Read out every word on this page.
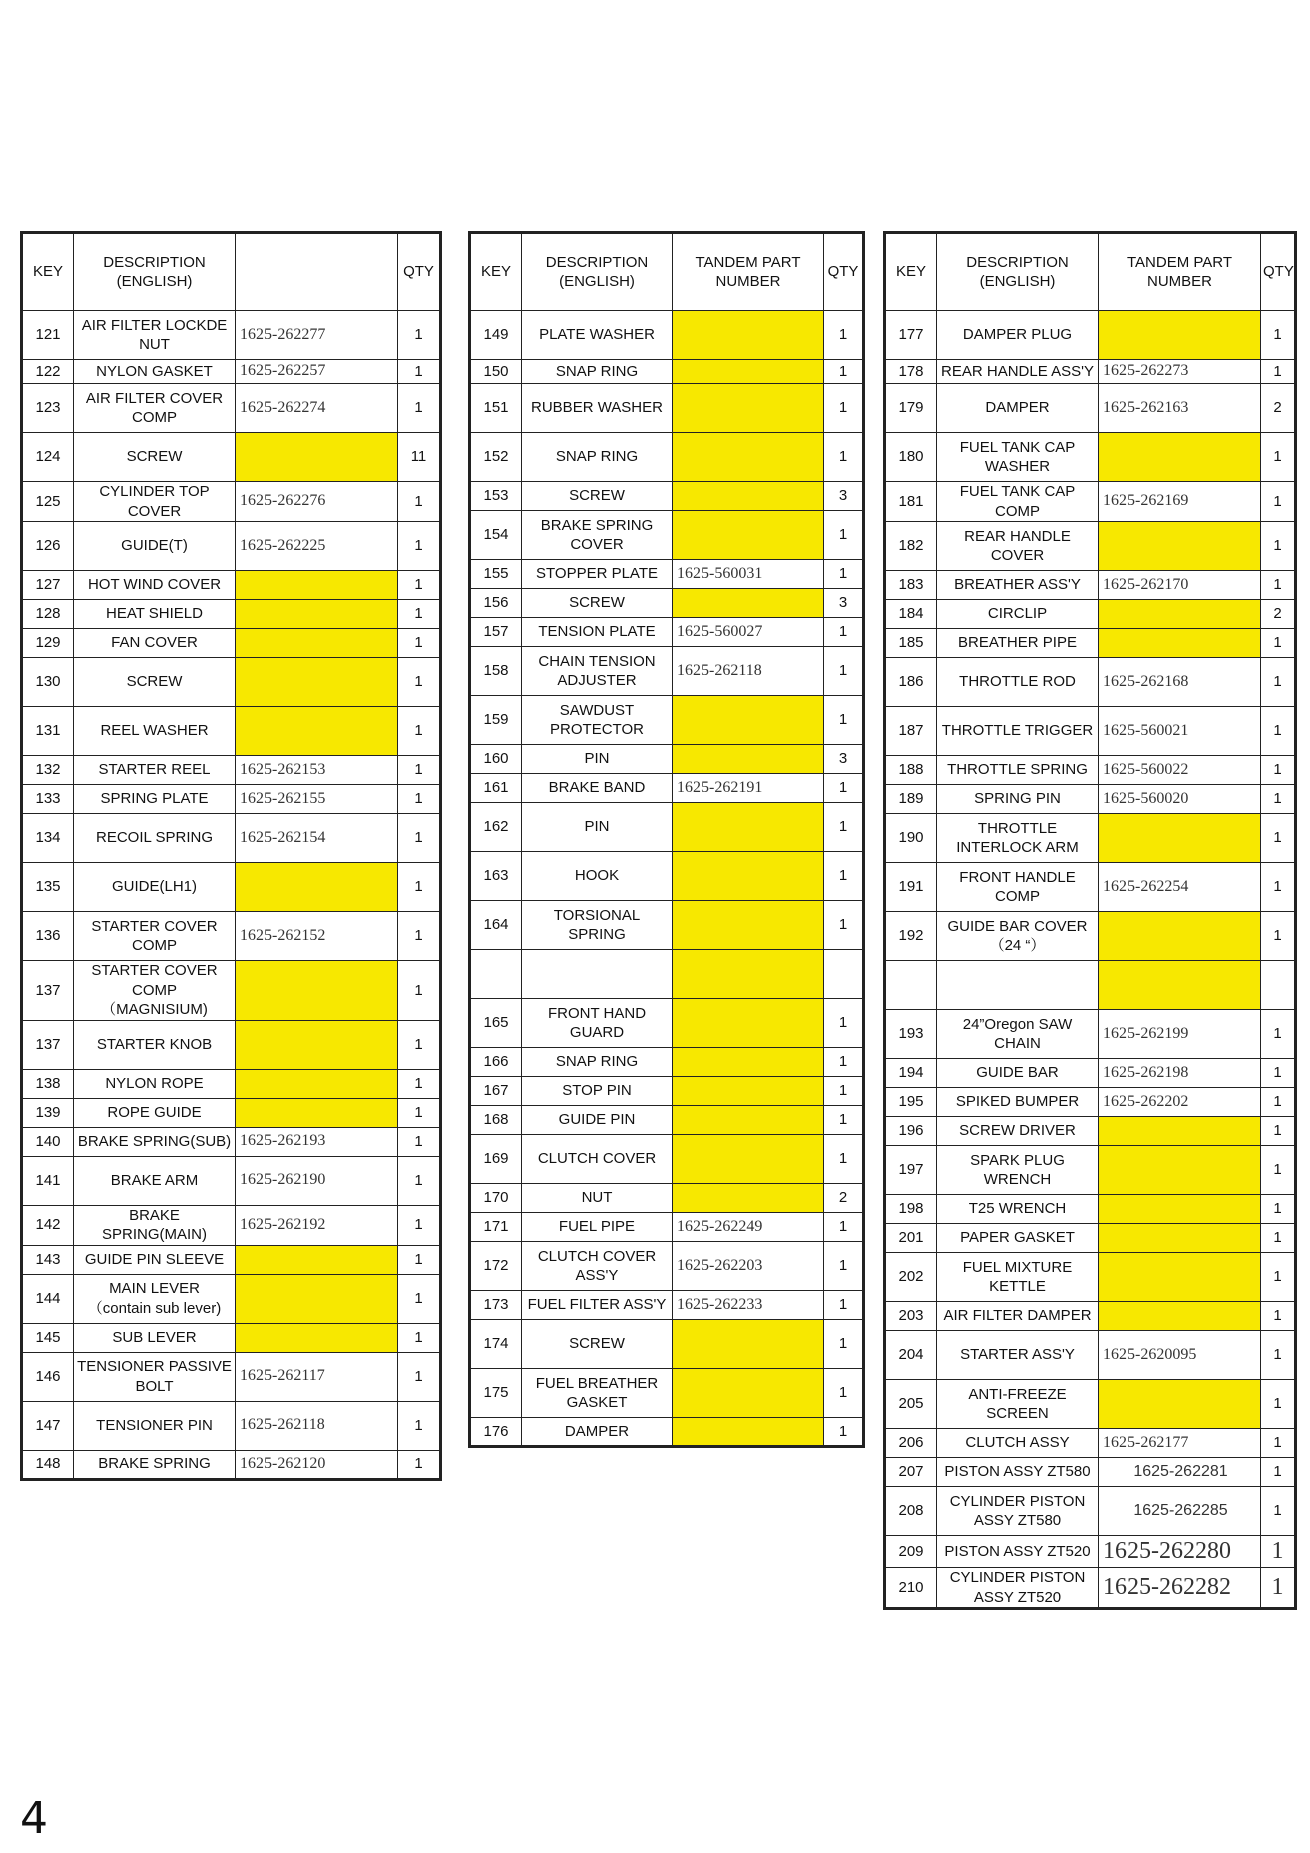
KEY	DESCRIPTION
(ENGLISH)		QTY
121	AIR FILTER LOCKDE
NUT	1625-262277	1
122	NYLON GASKET	1625-262257	1
123	AIR FILTER COVER
COMP	1625-262274	1
124	SCREW		11
125	CYLINDER TOP
COVER	1625-262276	1
126	GUIDE(T)	1625-262225	1
127	HOT WIND COVER		1
128	HEAT SHIELD		1
129	FAN COVER		1
130	SCREW		1
131	REEL WASHER		1
132	STARTER REEL	1625-262153	1
133	SPRING PLATE	1625-262155	1
134	RECOIL SPRING	1625-262154	1
135	GUIDE(LH1)		1
136	STARTER COVER
COMP	1625-262152	1
137	STARTER COVER
COMP
（MAGNISIUM)		1
137	STARTER KNOB		1
138	NYLON ROPE		1
139	ROPE GUIDE		1
140	BRAKE SPRING(SUB)	1625-262193	1
141	BRAKE ARM	1625-262190	1
142	BRAKE
SPRING(MAIN)	1625-262192	1
143	GUIDE PIN SLEEVE		1
144	MAIN LEVER
（contain sub lever)		1
145	SUB LEVER		1
146	TENSIONER PASSIVE
BOLT	1625-262117	1
147	TENSIONER PIN	1625-262118	1
148	BRAKE SPRING	1625-262120	1
KEY	DESCRIPTION
(ENGLISH)	TANDEM PART
NUMBER	QTY
149	PLATE WASHER		1
150	SNAP RING		1
151	RUBBER WASHER		1
152	SNAP RING		1
153	SCREW		3
154	BRAKE SPRING
COVER		1
155	STOPPER PLATE	1625-560031	1
156	SCREW		3
157	TENSION PLATE	1625-560027	1
158	CHAIN TENSION
ADJUSTER	1625-262118	1
159	SAWDUST
PROTECTOR		1
160	PIN		3
161	BRAKE BAND	1625-262191	1
162	PIN		1
163	HOOK		1
164	TORSIONAL SPRING		1

165	FRONT HAND
GUARD		1
166	SNAP RING		1
167	STOP PIN		1
168	GUIDE PIN		1
169	CLUTCH COVER		1
170	NUT		2
171	FUEL PIPE	1625-262249	1
172	CLUTCH COVER
ASS'Y	1625-262203	1
173	FUEL FILTER ASS'Y	1625-262233	1
174	SCREW		1
175	FUEL BREATHER
GASKET		1
176	DAMPER		1
KEY	DESCRIPTION
(ENGLISH)	TANDEM PART
NUMBER	QTY
177	DAMPER PLUG		1
178	REAR HANDLE ASS'Y	1625-262273	1
179	DAMPER	1625-262163	2
180	FUEL TANK CAP
WASHER		1
181	FUEL TANK CAP
COMP	1625-262169	1
182	REAR HANDLE
COVER		1
183	BREATHER ASS'Y	1625-262170	1
184	CIRCLIP		2
185	BREATHER PIPE		1
186	THROTTLE ROD	1625-262168	1
187	THROTTLE TRIGGER	1625-560021	1
188	THROTTLE SPRING	1625-560022	1
189	SPRING PIN	1625-560020	1
190	THROTTLE
INTERLOCK ARM		1
191	FRONT HANDLE
COMP	1625-262254	1
192	GUIDE BAR COVER
（24 “）		1

193	24”Oregon SAW
CHAIN	1625-262199	1
194	GUIDE BAR	1625-262198	1
195	SPIKED BUMPER	1625-262202	1
196	SCREW DRIVER		1
197	SPARK PLUG
WRENCH		1
198	T25 WRENCH		1
201	PAPER GASKET		1
202	FUEL MIXTURE
KETTLE		1
203	AIR FILTER DAMPER		1
204	STARTER ASS'Y	1625-2620095	1
205	ANTI-FREEZE SCREEN		1
206	CLUTCH ASSY	1625-262177	1
207	PISTON ASSY ZT580	1625-262281	1
208	CYLINDER PISTON
ASSY ZT580	1625-262285	1
209	PISTON ASSY ZT520	1625-262280	1
210	CYLINDER PISTON
ASSY ZT520	1625-262282	1
4
